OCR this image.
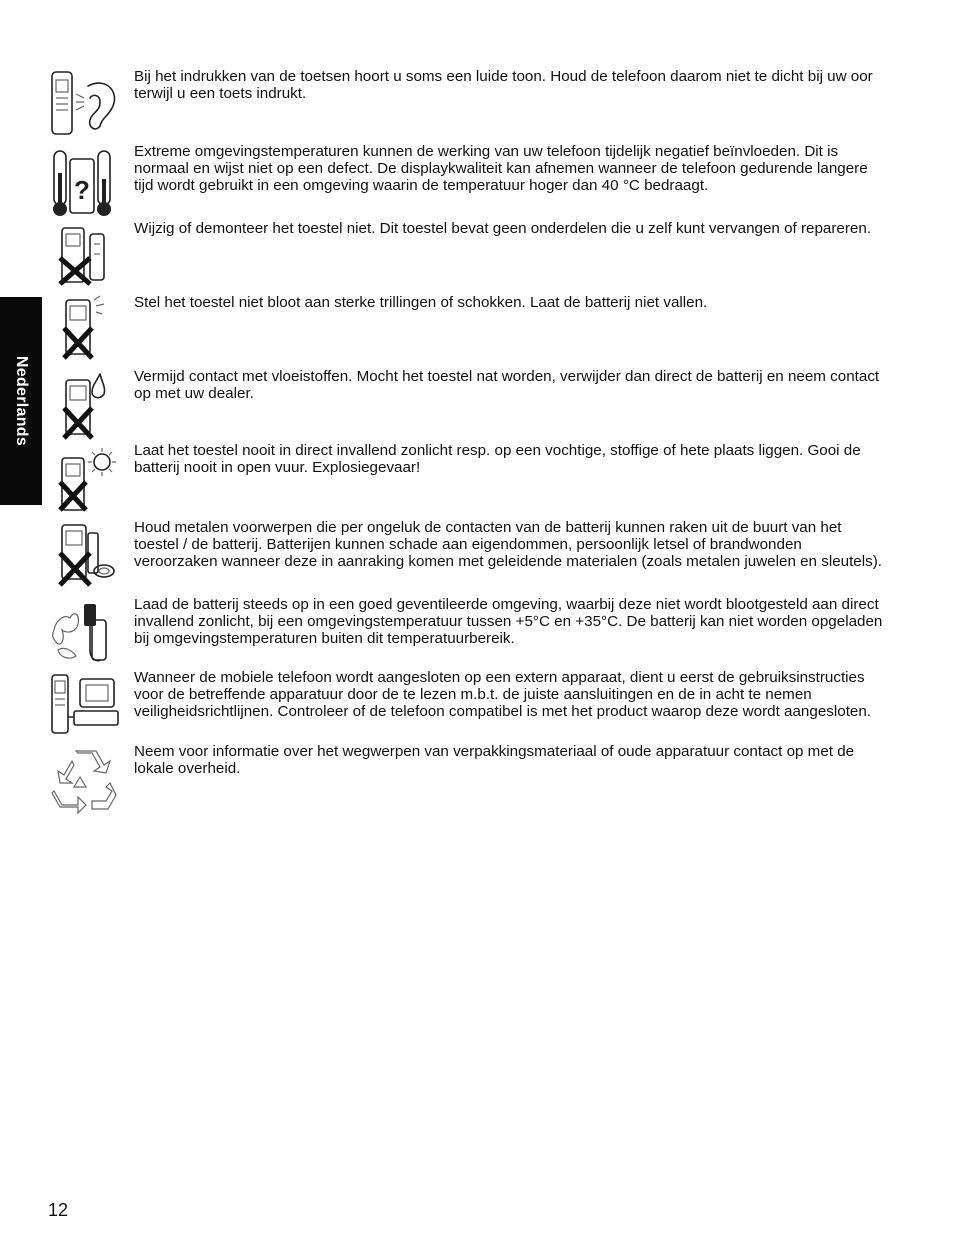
Nederlands
Bij het indrukken van de toetsen hoort u soms een luide toon. Houd de telefoon daarom niet te dicht bij uw oor terwijl u een toets indrukt.
?
Extreme omgevingstemperaturen kunnen de werking van uw telefoon tijdelijk negatief beïnvloeden. Dit is normaal en wijst niet op een defect. De displaykwaliteit kan afnemen wanneer de telefoon gedurende langere tijd wordt gebruikt in een omgeving waarin de temperatuur hoger dan 40 °C bedraagt.
Wijzig of demonteer het toestel niet. Dit toestel bevat geen onderdelen die u zelf kunt vervangen of repareren.
Stel het toestel niet bloot aan sterke trillingen of schokken. Laat de batterij niet vallen.
Vermijd contact met vloeistoffen. Mocht het toestel nat worden, verwijder dan direct de batterij en neem contact op met uw dealer.
Laat het toestel nooit in direct invallend zonlicht resp. op een vochtige, stoffige of hete plaats liggen. Gooi de batterij nooit in open vuur. Explosiegevaar!
Houd metalen voorwerpen die per ongeluk de contacten van de batterij kunnen raken uit de buurt van het toestel / de batterij. Batterijen kunnen schade aan eigendommen, persoonlijk letsel of brandwonden veroorzaken wanneer deze in aanraking komen met geleidende materialen (zoals metalen juwelen en sleutels).
Laad de batterij steeds op in een goed geventileerde omgeving, waarbij deze niet wordt blootgesteld aan direct invallend zonlicht, bij een omgevingstemperatuur tussen +5°C en +35°C. De batterij kan niet worden opgeladen bij omgevingstemperaturen buiten dit temperatuurbereik.
Wanneer de mobiele telefoon wordt aangesloten op een extern apparaat, dient u eerst de gebruiksinstructies voor de betreffende apparatuur door de te lezen m.b.t. de juiste aansluitingen en de in acht te nemen veiligheidsrichtlijnen. Controleer of de telefoon compatibel is met het product waarop deze wordt aangesloten.
Neem voor informatie over het wegwerpen van verpakkingsmateriaal of oude apparatuur contact op met de lokale overheid.
12
